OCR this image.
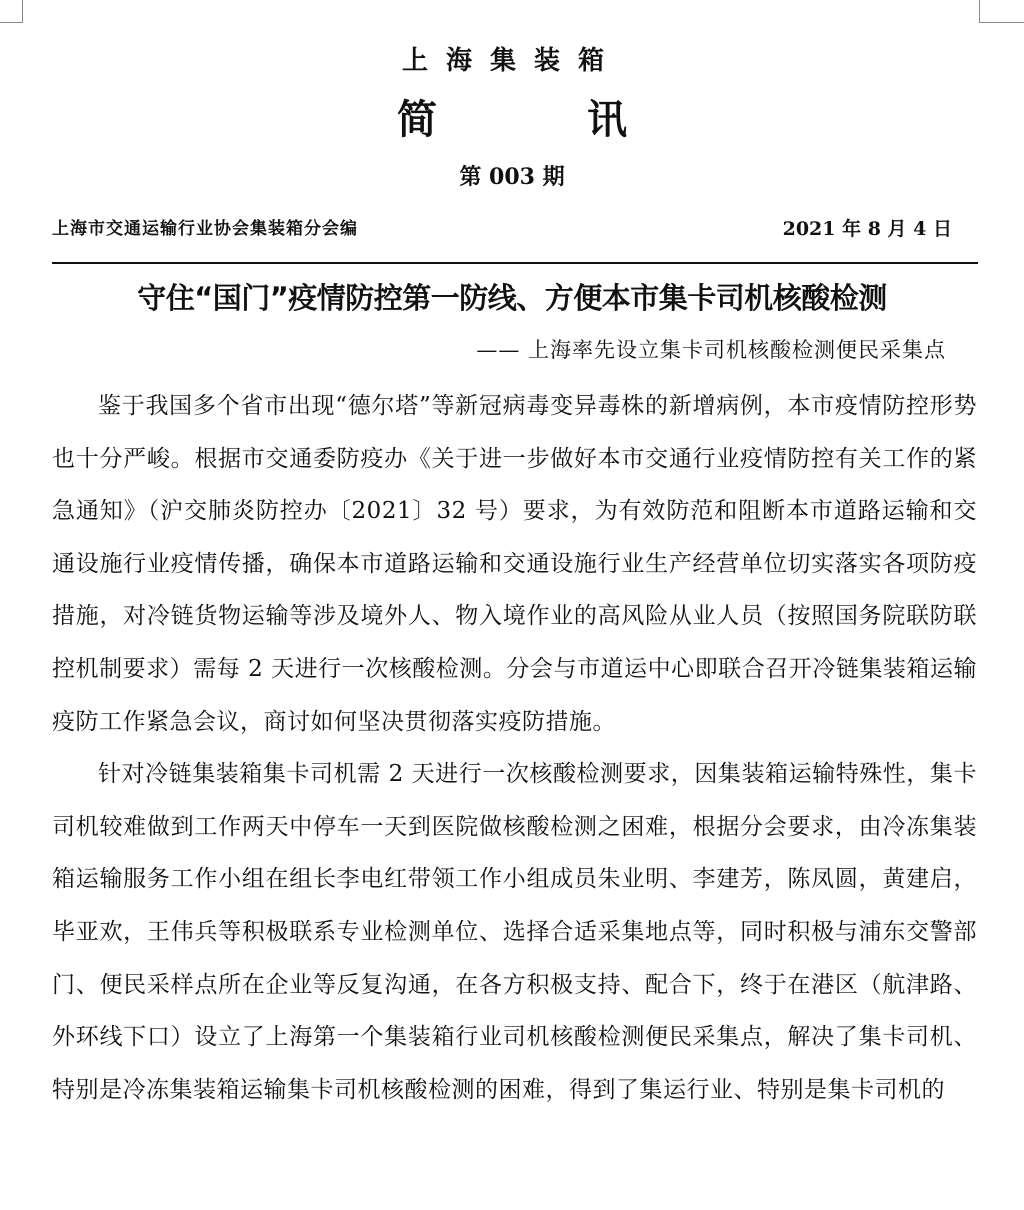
上海集装箱
简	讯
第 003 期
上海市交通运输行业协会集装箱分会编	2021 年 8 月 4 日
守住“国门”疫情防控第一防线、方便本市集卡司机核酸检测
—— 上海率先设立集卡司机核酸检测便民采集点

鉴于我国多个省市出现“德尔塔”等新冠病毒变异毒株的新增病例，本市疫情防控形势也十分严峻。根据市交通委防疫办《关于进一步做好本市交通行业疫情防控有关工作的紧急通知》（沪交肺炎防控办〔2021〕32 号）要求，为有效防范和阻断本市道路运输和交通设施行业疫情传播，确保本市道路运输和交通设施行业生产经营单位切实落实各项防疫措施，对冷链货物运输等涉及境外人、物入境作业的高风险从业人员（按照国务院联防联控机制要求）需每 2 天进行一次核酸检测。分会与市道运中心即联合召开冷链集装箱运输疫防工作紧急会议，商讨如何坚决贯彻落实疫防措施。

针对冷链集装箱集卡司机需 2 天进行一次核酸检测要求，因集装箱运输特殊性，集卡司机较难做到工作两天中停车一天到医院做核酸检测之困难，根据分会要求，由冷冻集装箱运输服务工作小组在组长李电红带领工作小组成员朱业明、李建芳，陈凤圆，黄建启，毕亚欢，王伟兵等积极联系专业检测单位、选择合适采集地点等，同时积极与浦东交警部门、便民采样点所在企业等反复沟通，在各方积极支持、配合下，终于在港区（航津路、外环线下口）设立了上海第一个集装箱行业司机核酸检测便民采集点，解决了集卡司机、特别是冷冻集装箱运输集卡司机核酸检测的困难，得到了集运行业、特别是集卡司机的
